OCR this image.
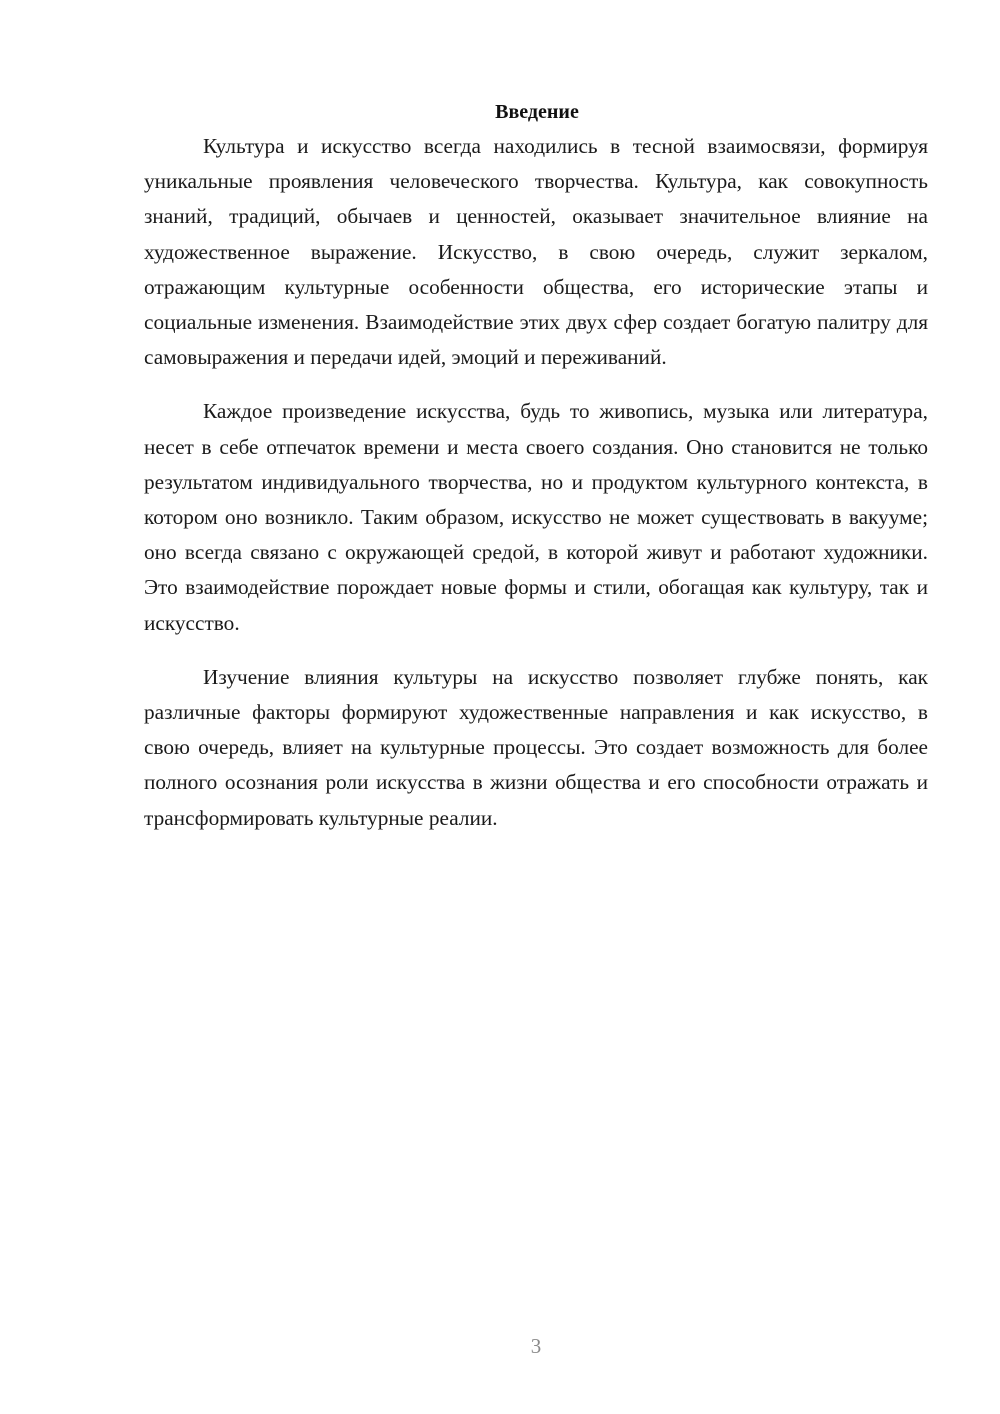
Введение

Культура и искусство всегда находились в тесной взаимосвязи, формируя уникальные проявления человеческого творчества. Культура, как совокупность знаний, традиций, обычаев и ценностей, оказывает значительное влияние на художественное выражение. Искусство, в свою очередь, служит зеркалом, отражающим культурные особенности общества, его исторические этапы и социальные изменения. Взаимодействие этих двух сфер создает богатую палитру для самовыражения и передачи идей, эмоций и переживаний.

Каждое произведение искусства, будь то живопись, музыка или литература, несет в себе отпечаток времени и места своего создания. Оно становится не только результатом индивидуального творчества, но и продуктом культурного контекста, в котором оно возникло. Таким образом, искусство не может существовать в вакууме; оно всегда связано с окружающей средой, в которой живут и работают художники. Это взаимодействие порождает новые формы и стили, обогащая как культуру, так и искусство.

Изучение влияния культуры на искусство позволяет глубже понять, как различные факторы формируют художественные направления и как искусство, в свою очередь, влияет на культурные процессы. Это создает возможность для более полного осознания роли искусства в жизни общества и его способности отражать и трансформировать культурные реалии.

3
